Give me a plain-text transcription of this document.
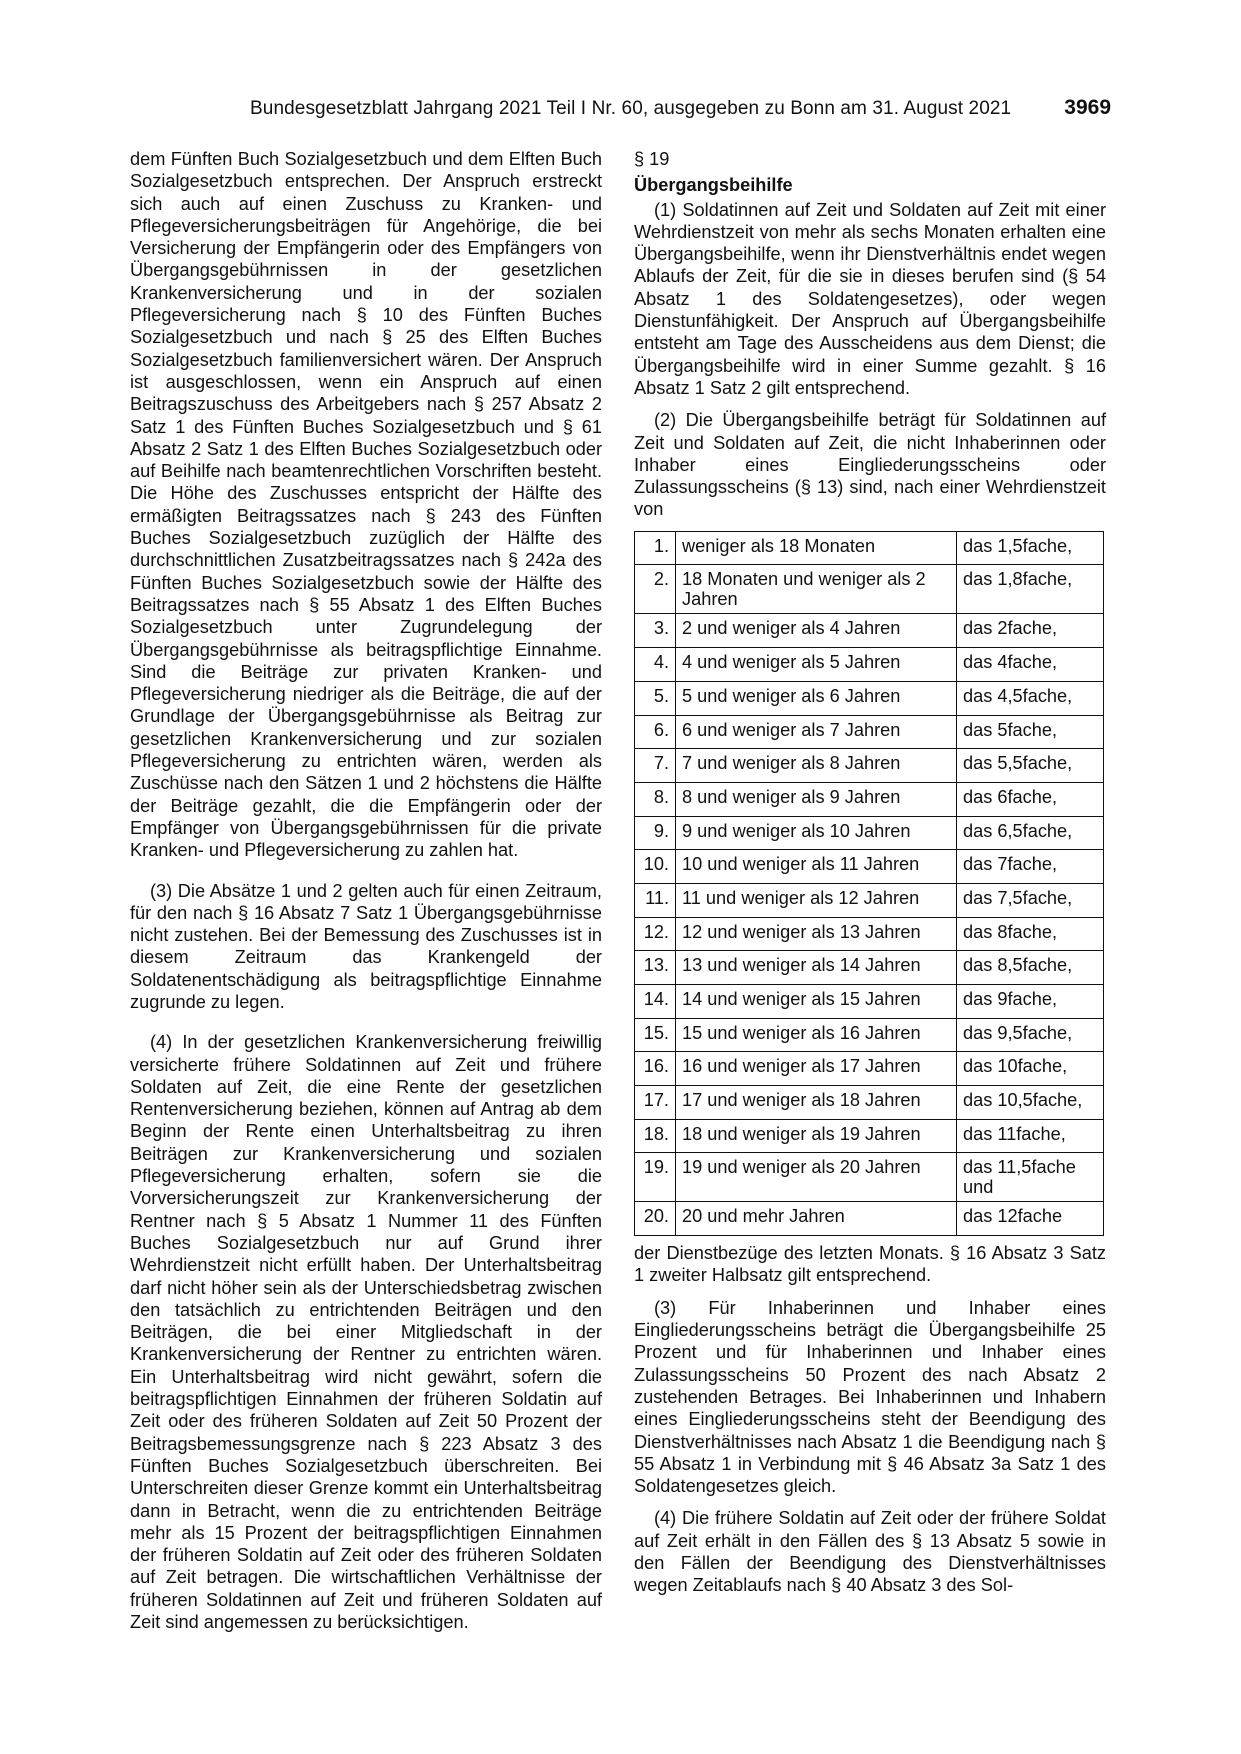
Bundesgesetzblatt Jahrgang 2021 Teil I Nr. 60, ausgegeben zu Bonn am 31. August 2021	3969

dem Fünften Buch Sozialgesetzbuch und dem Elften Buch Sozialgesetzbuch entsprechen. Der Anspruch erstreckt sich auch auf einen Zuschuss zu Kranken- und Pflegeversicherungsbeiträgen für Angehörige, die bei Versicherung der Empfängerin oder des Empfängers von Übergangsgebührnissen in der gesetzlichen Krankenversicherung und in der sozialen Pflegeversicherung nach § 10 des Fünften Buches Sozialgesetzbuch und nach § 25 des Elften Buches Sozialgesetzbuch familienversichert wären. Der Anspruch ist ausgeschlossen, wenn ein Anspruch auf einen Beitragszuschuss des Arbeitgebers nach § 257 Absatz 2 Satz 1 des Fünften Buches Sozialgesetzbuch und § 61 Absatz 2 Satz 1 des Elften Buches Sozialgesetzbuch oder auf Beihilfe nach beamtenrechtlichen Vorschriften besteht. Die Höhe des Zuschusses entspricht der Hälfte des ermäßigten Beitragssatzes nach § 243 des Fünften Buches Sozialgesetzbuch zuzüglich der Hälfte des durchschnittlichen Zusatzbeitragssatzes nach § 242a des Fünften Buches Sozialgesetzbuch sowie der Hälfte des Beitragssatzes nach § 55 Absatz 1 des Elften Buches Sozialgesetzbuch unter Zugrundelegung der Übergangsgebührnisse als beitragspflichtige Einnahme. Sind die Beiträge zur privaten Kranken- und Pflegeversicherung niedriger als die Beiträge, die auf der Grundlage der Übergangsgebührnisse als Beitrag zur gesetzlichen Krankenversicherung und zur sozialen Pflegeversicherung zu entrichten wären, werden als Zuschüsse nach den Sätzen 1 und 2 höchstens die Hälfte der Beiträge gezahlt, die die Empfängerin oder der Empfänger von Übergangsgebührnissen für die private Kranken- und Pflegeversicherung zu zahlen hat.

(3) Die Absätze 1 und 2 gelten auch für einen Zeitraum, für den nach § 16 Absatz 7 Satz 1 Übergangsgebührnisse nicht zustehen. Bei der Bemessung des Zuschusses ist in diesem Zeitraum das Krankengeld der Soldatenentschädigung als beitragspflichtige Einnahme zugrunde zu legen.

(4) In der gesetzlichen Krankenversicherung freiwillig versicherte frühere Soldatinnen auf Zeit und frühere Soldaten auf Zeit, die eine Rente der gesetzlichen Rentenversicherung beziehen, können auf Antrag ab dem Beginn der Rente einen Unterhaltsbeitrag zu ihren Beiträgen zur Krankenversicherung und sozialen Pflegeversicherung erhalten, sofern sie die Vorversicherungszeit zur Krankenversicherung der Rentner nach § 5 Absatz 1 Nummer 11 des Fünften Buches Sozialgesetzbuch nur auf Grund ihrer Wehrdienstzeit nicht erfüllt haben. Der Unterhaltsbeitrag darf nicht höher sein als der Unterschiedsbetrag zwischen den tatsächlich zu entrichtenden Beiträgen und den Beiträgen, die bei einer Mitgliedschaft in der Krankenversicherung der Rentner zu entrichten wären. Ein Unterhaltsbeitrag wird nicht gewährt, sofern die beitragspflichtigen Einnahmen der früheren Soldatin auf Zeit oder des früheren Soldaten auf Zeit 50 Prozent der Beitragsbemessungsgrenze nach § 223 Absatz 3 des Fünften Buches Sozialgesetzbuch überschreiten. Bei Unterschreiten dieser Grenze kommt ein Unterhaltsbeitrag dann in Betracht, wenn die zu entrichtenden Beiträge mehr als 15 Prozent der beitragspflichtigen Einnahmen der früheren Soldatin auf Zeit oder des früheren Soldaten auf Zeit betragen. Die wirtschaftlichen Verhältnisse der früheren Soldatinnen auf Zeit und früheren Soldaten auf Zeit sind angemessen zu berücksichtigen.

§ 19

Übergangsbeihilfe

(1) Soldatinnen auf Zeit und Soldaten auf Zeit mit einer Wehrdienstzeit von mehr als sechs Monaten erhalten eine Übergangsbeihilfe, wenn ihr Dienstverhältnis endet wegen Ablaufs der Zeit, für die sie in dieses berufen sind (§ 54 Absatz 1 des Soldatengesetzes), oder wegen Dienstunfähigkeit. Der Anspruch auf Übergangsbeihilfe entsteht am Tage des Ausscheidens aus dem Dienst; die Übergangsbeihilfe wird in einer Summe gezahlt. § 16 Absatz 1 Satz 2 gilt entsprechend.

(2) Die Übergangsbeihilfe beträgt für Soldatinnen auf Zeit und Soldaten auf Zeit, die nicht Inhaberinnen oder Inhaber eines Eingliederungsscheins oder Zulassungsscheins (§ 13) sind, nach einer Wehrdienstzeit von

1.	weniger als 18 Monaten	das 1,5fache,
2.	18 Monaten und weniger als 2 Jahren	das 1,8fache,
3.	2 und weniger als 4 Jahren	das 2fache,
4.	4 und weniger als 5 Jahren	das 4fache,
5.	5 und weniger als 6 Jahren	das 4,5fache,
6.	6 und weniger als 7 Jahren	das 5fache,
7.	7 und weniger als 8 Jahren	das 5,5fache,
8.	8 und weniger als 9 Jahren	das 6fache,
9.	9 und weniger als 10 Jahren	das 6,5fache,
10.	10 und weniger als 11 Jahren	das 7fache,
11.	11 und weniger als 12 Jahren	das 7,5fache,
12.	12 und weniger als 13 Jahren	das 8fache,
13.	13 und weniger als 14 Jahren	das 8,5fache,
14.	14 und weniger als 15 Jahren	das 9fache,
15.	15 und weniger als 16 Jahren	das 9,5fache,
16.	16 und weniger als 17 Jahren	das 10fache,
17.	17 und weniger als 18 Jahren	das 10,5fache,
18.	18 und weniger als 19 Jahren	das 11fache,
19.	19 und weniger als 20 Jahren	das 11,5fache und
20.	20 und mehr Jahren	das 12fache

der Dienstbezüge des letzten Monats. § 16 Absatz 3 Satz 1 zweiter Halbsatz gilt entsprechend.

(3) Für Inhaberinnen und Inhaber eines Eingliederungsscheins beträgt die Übergangsbeihilfe 25 Prozent und für Inhaberinnen und Inhaber eines Zulassungsscheins 50 Prozent des nach Absatz 2 zustehenden Betrages. Bei Inhaberinnen und Inhabern eines Eingliederungsscheins steht der Beendigung des Dienstverhältnisses nach Absatz 1 die Beendigung nach § 55 Absatz 1 in Verbindung mit § 46 Absatz 3a Satz 1 des Soldatengesetzes gleich.

(4) Die frühere Soldatin auf Zeit oder der frühere Soldat auf Zeit erhält in den Fällen des § 13 Absatz 5 sowie in den Fällen der Beendigung des Dienstverhältnisses wegen Zeitablaufs nach § 40 Absatz 3 des Sol-
